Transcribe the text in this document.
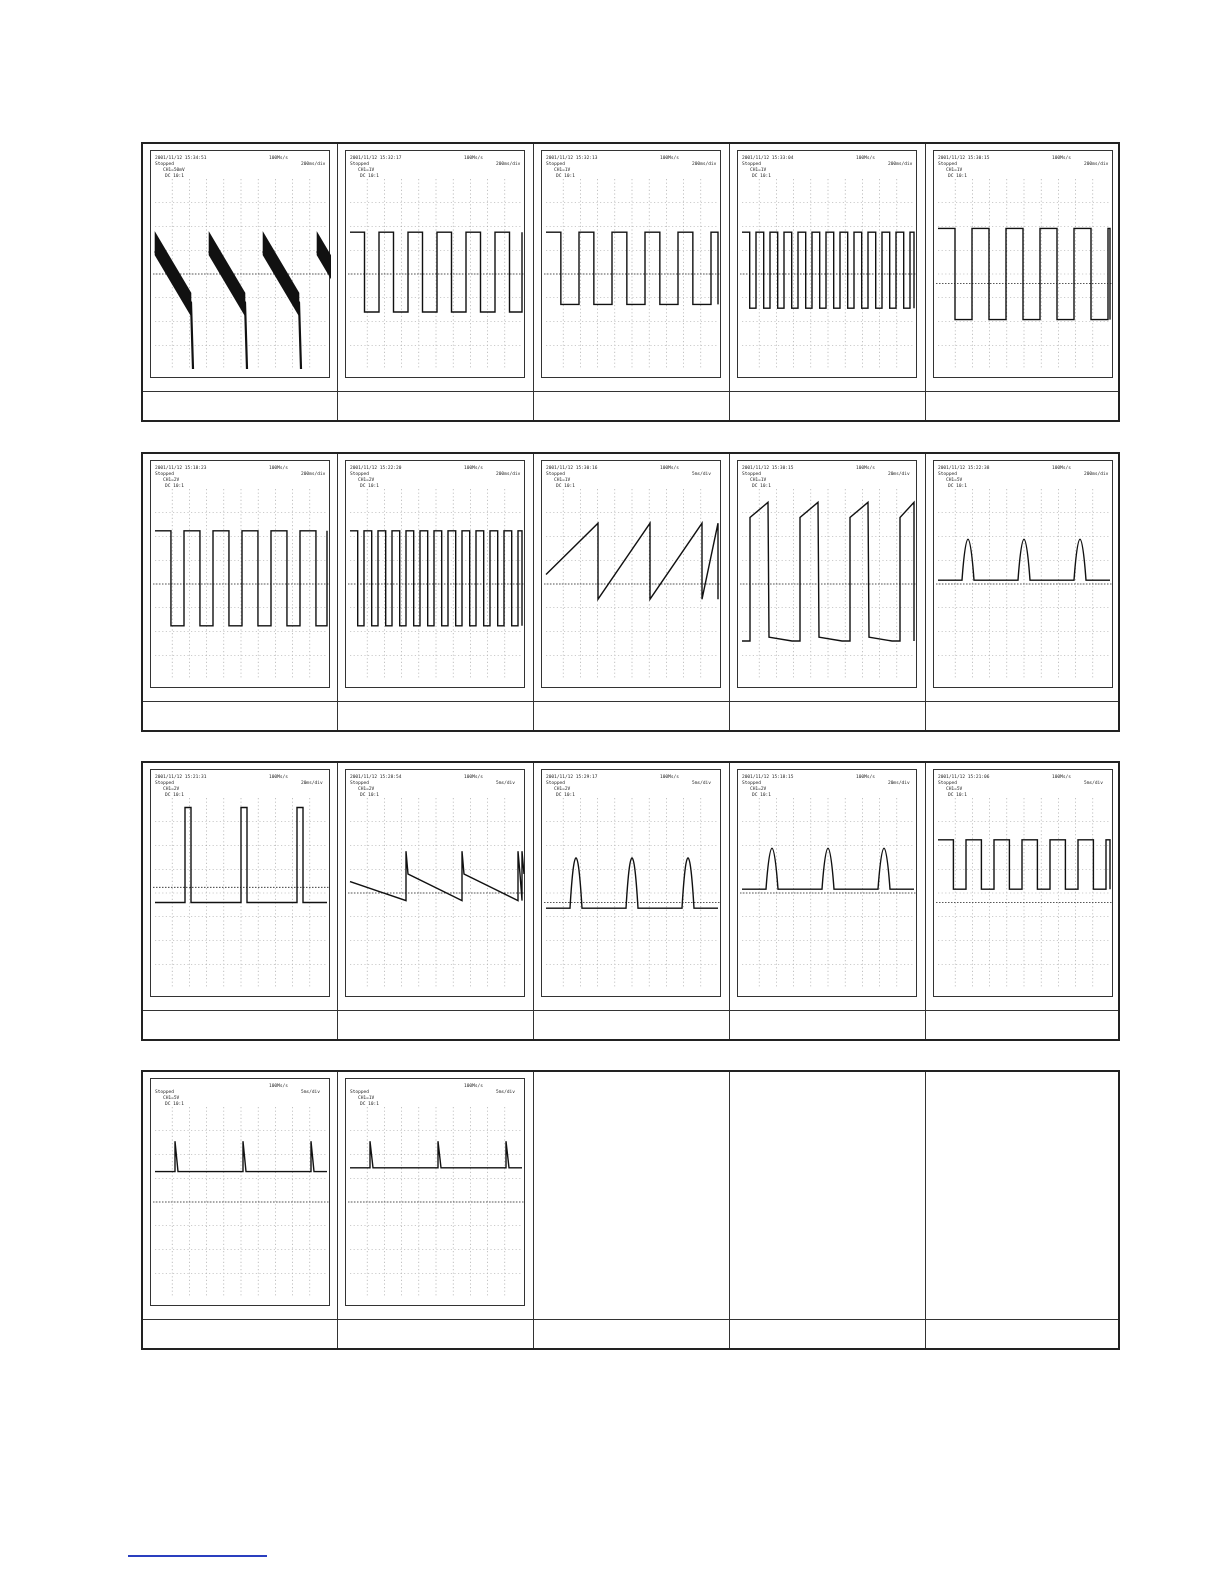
2001/11/12 15:34:51
Stopped
100Ms/s
200ms/div
CH1=50mV
DC 10:1
2001/11/12 15:32:17
Stopped
100Ms/s
200ms/div
CH1=1V
DC 10:1
2001/11/12 15:32:13
Stopped
100Ms/s
200ms/div
CH1=1V
DC 10:1
2001/11/12 15:33:04
Stopped
100Ms/s
200ms/div
CH1=1V
DC 10:1
2001/11/12 15:30:15
Stopped
100Ms/s
200ms/div
CH1=1V
DC 10:1
2001/11/12 15:18:23
Stopped
100Ms/s
200ms/div
CH1=2V
DC 10:1
2001/11/12 15:22:20
Stopped
100Ms/s
200ms/div
CH1=2V
DC 10:1
2001/11/12 15:30:16
Stopped
100Ms/s
5ms/div
CH1=1V
DC 10:1
2001/11/12 15:30:15
Stopped
100Ms/s
20ms/div
CH1=1V
DC 10:1
2001/11/12 15:22:38
Stopped
100Ms/s
200ms/div
CH1=5V
DC 10:1
2001/11/12 15:21:31
Stopped
100Ms/s
20ms/div
CH1=2V
DC 10:1
2001/11/12 15:28:54
Stopped
100Ms/s
5ms/div
CH1=2V
DC 10:1
2001/11/12 15:29:17
Stopped
100Ms/s
5ms/div
CH1=2V
DC 10:1
2001/11/12 15:18:15
Stopped
100Ms/s
20ms/div
CH1=2V
DC 10:1
2001/11/12 15:21:06
Stopped
100Ms/s
5ms/div
CH1=5V
DC 10:1
Stopped
100Ms/s
5ms/div
CH1=5V
DC 10:1
Stopped
100Ms/s
5ms/div
CH1=1V
DC 10:1
